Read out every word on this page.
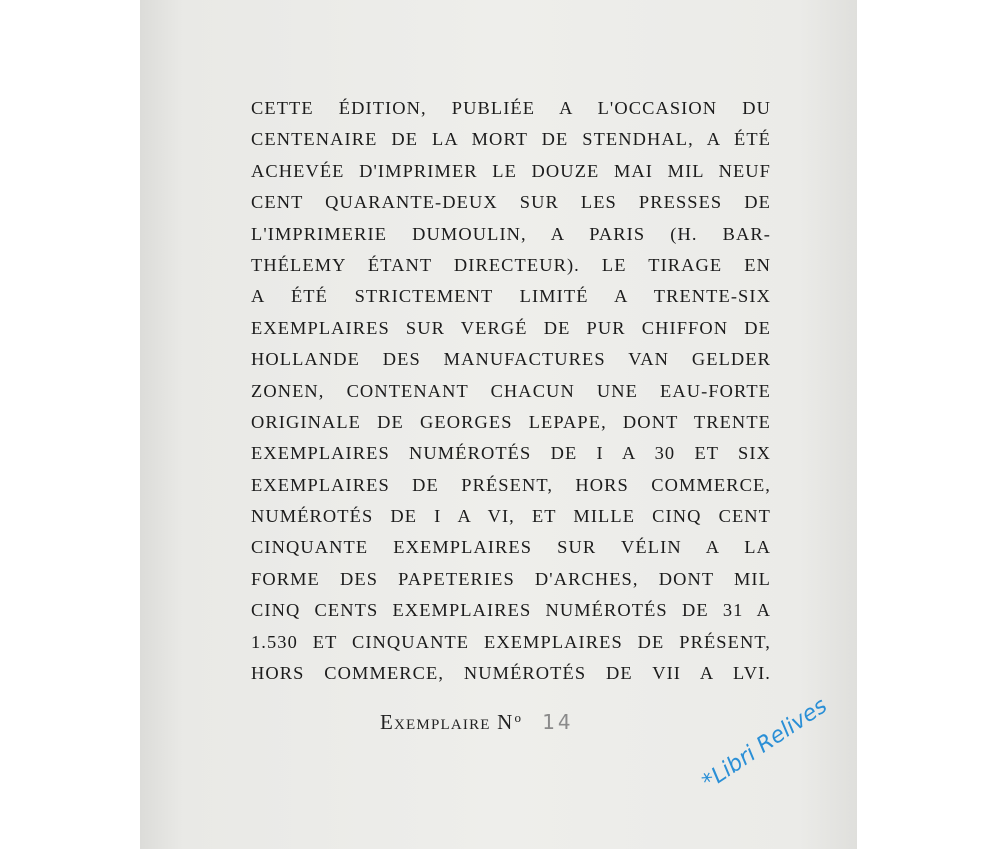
CETTE ÉDITION, PUBLIÉE A L'OCCASION DU
CENTENAIRE DE LA MORT DE STENDHAL, A ÉTÉ
ACHEVÉE D'IMPRIMER LE DOUZE MAI MIL NEUF
CENT QUARANTE-DEUX SUR LES PRESSES DE
L'IMPRIMERIE DUMOULIN, A PARIS (H. BAR-
THÉLEMY ÉTANT DIRECTEUR). LE TIRAGE EN
A ÉTÉ STRICTEMENT LIMITÉ A TRENTE-SIX
EXEMPLAIRES SUR VERGÉ DE PUR CHIFFON DE
HOLLANDE DES MANUFACTURES VAN GELDER
ZONEN, CONTENANT CHACUN UNE EAU-FORTE
ORIGINALE DE GEORGES LEPAPE, DONT TRENTE
EXEMPLAIRES NUMÉROTÉS DE I A 30 ET SIX
EXEMPLAIRES DE PRÉSENT, HORS COMMERCE,
NUMÉROTÉS DE I A VI, ET MILLE CINQ CENT
CINQUANTE EXEMPLAIRES SUR VÉLIN A LA
FORME DES PAPETERIES D'ARCHES, DONT MIL
CINQ CENTS EXEMPLAIRES NUMÉROTÉS DE 31 A
1.530 ET CINQUANTE EXEMPLAIRES DE PRÉSENT,
HORS COMMERCE, NUMÉROTÉS DE VII A LVI.
Exemplaire $N^o$ 14	*Libri Relives
